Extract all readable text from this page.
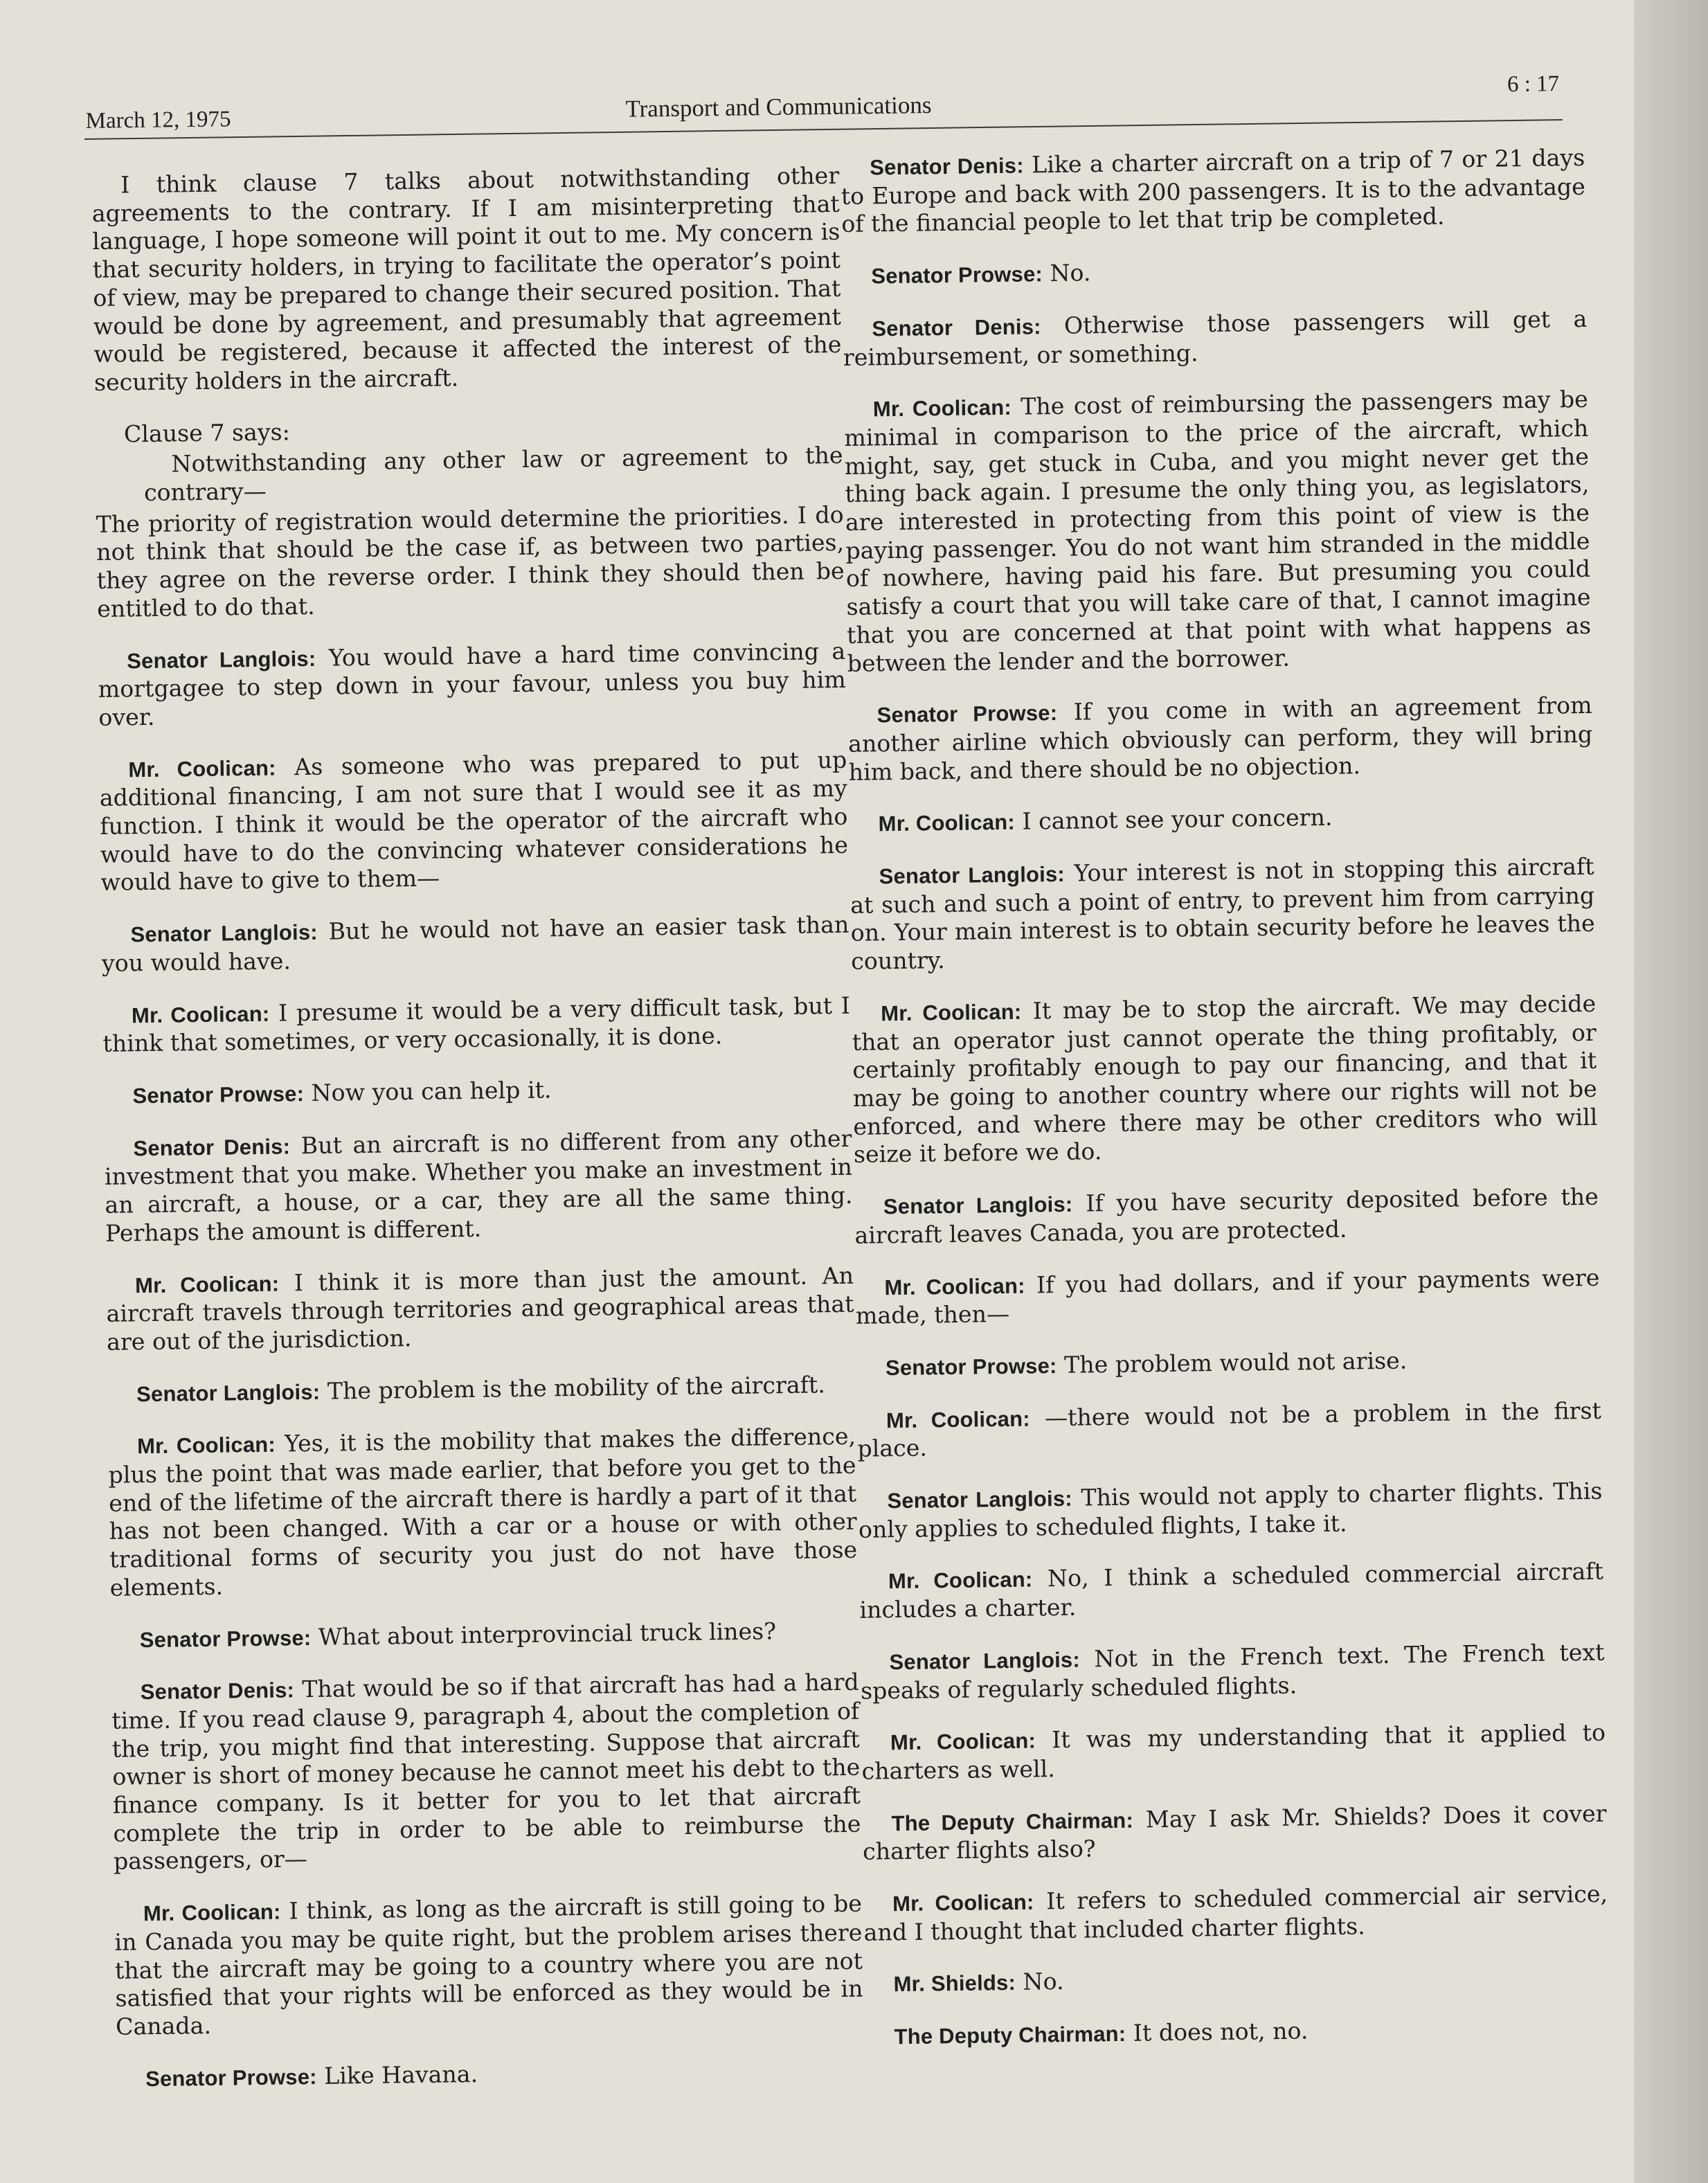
March 12, 1975	Transport and Communications
6 : 17

I think clause 7 talks about notwithstanding other agreements to the contrary. If I am misinterpreting that language, I hope someone will point it out to me. My concern is that security holders, in trying to facilitate the operator’s point of view, may be prepared to change their secured position. That would be done by agreement, and presumably that agreement would be registered, because it affected the interest of the security holders in the aircraft.

Clause 7 says:

Notwithstanding any other law or agreement to the contrary—

The priority of registration would determine the priorities. I do not think that should be the case if, as between two parties, they agree on the reverse order. I think they should then be entitled to do that.

Senator Langlois: You would have a hard time convincing a mortgagee to step down in your favour, unless you buy him over.

Mr. Coolican: As someone who was prepared to put up additional financing, I am not sure that I would see it as my function. I think it would be the operator of the aircraft who would have to do the convincing whatever considerations he would have to give to them—

Senator Langlois: But he would not have an easier task than you would have.

Mr. Coolican: I presume it would be a very difficult task, but I think that sometimes, or very occasionally, it is done.

Senator Prowse: Now you can help it.

Senator Denis: But an aircraft is no different from any other investment that you make. Whether you make an investment in an aircraft, a house, or a car, they are all the same thing. Perhaps the amount is different.

Mr. Coolican: I think it is more than just the amount. An aircraft travels through territories and geographical areas that are out of the jurisdiction.

Senator Langlois: The problem is the mobility of the aircraft.

Mr. Coolican: Yes, it is the mobility that makes the difference, plus the point that was made earlier, that before you get to the end of the lifetime of the aircraft there is hardly a part of it that has not been changed. With a car or a house or with other traditional forms of security you just do not have those elements.

Senator Prowse: What about interprovincial truck lines?

Senator Denis: That would be so if that aircraft has had a hard time. If you read clause 9, paragraph 4, about the completion of the trip, you might find that interesting. Suppose that aircraft owner is short of money because he cannot meet his debt to the finance company. Is it better for you to let that aircraft complete the trip in order to be able to reimburse the passengers, or—

Mr. Coolican: I think, as long as the aircraft is still going to be in Canada you may be quite right, but the problem arises there that the aircraft may be going to a country where you are not satisfied that your rights will be enforced as they would be in Canada.

Senator Prowse: Like Havana.

Senator Denis: Like a charter aircraft on a trip of 7 or 21 days to Europe and back with 200 passengers. It is to the advantage of the financial people to let that trip be completed.

Senator Prowse: No.

Senator Denis: Otherwise those passengers will get a reimbursement, or something.

Mr. Coolican: The cost of reimbursing the passengers may be minimal in comparison to the price of the aircraft, which might, say, get stuck in Cuba, and you might never get the thing back again. I presume the only thing you, as legislators, are interested in protecting from this point of view is the paying passenger. You do not want him stranded in the middle of nowhere, having paid his fare. But presuming you could satisfy a court that you will take care of that, I cannot imagine that you are concerned at that point with what happens as between the lender and the borrower.

Senator Prowse: If you come in with an agreement from another airline which obviously can perform, they will bring him back, and there should be no objection.

Mr. Coolican: I cannot see your concern.

Senator Langlois: Your interest is not in stopping this aircraft at such and such a point of entry, to prevent him from carrying on. Your main interest is to obtain security before he leaves the country.

Mr. Coolican: It may be to stop the aircraft. We may decide that an operator just cannot operate the thing profitably, or certainly profitably enough to pay our financing, and that it may be going to another country where our rights will not be enforced, and where there may be other creditors who will seize it before we do.

Senator Langlois: If you have security deposited before the aircraft leaves Canada, you are protected.

Mr. Coolican: If you had dollars, and if your payments were made, then—

Senator Prowse: The problem would not arise.

Mr. Coolican: —there would not be a problem in the first place.

Senator Langlois: This would not apply to charter flights. This only applies to scheduled flights, I take it.

Mr. Coolican: No, I think a scheduled commercial aircraft includes a charter.

Senator Langlois: Not in the French text. The French text speaks of regularly scheduled flights.

Mr. Coolican: It was my understanding that it applied to charters as well.

The Deputy Chairman: May I ask Mr. Shields? Does it cover charter flights also?

Mr. Coolican: It refers to scheduled commercial air service, and I thought that included charter flights.

Mr. Shields: No.

The Deputy Chairman: It does not, no.
